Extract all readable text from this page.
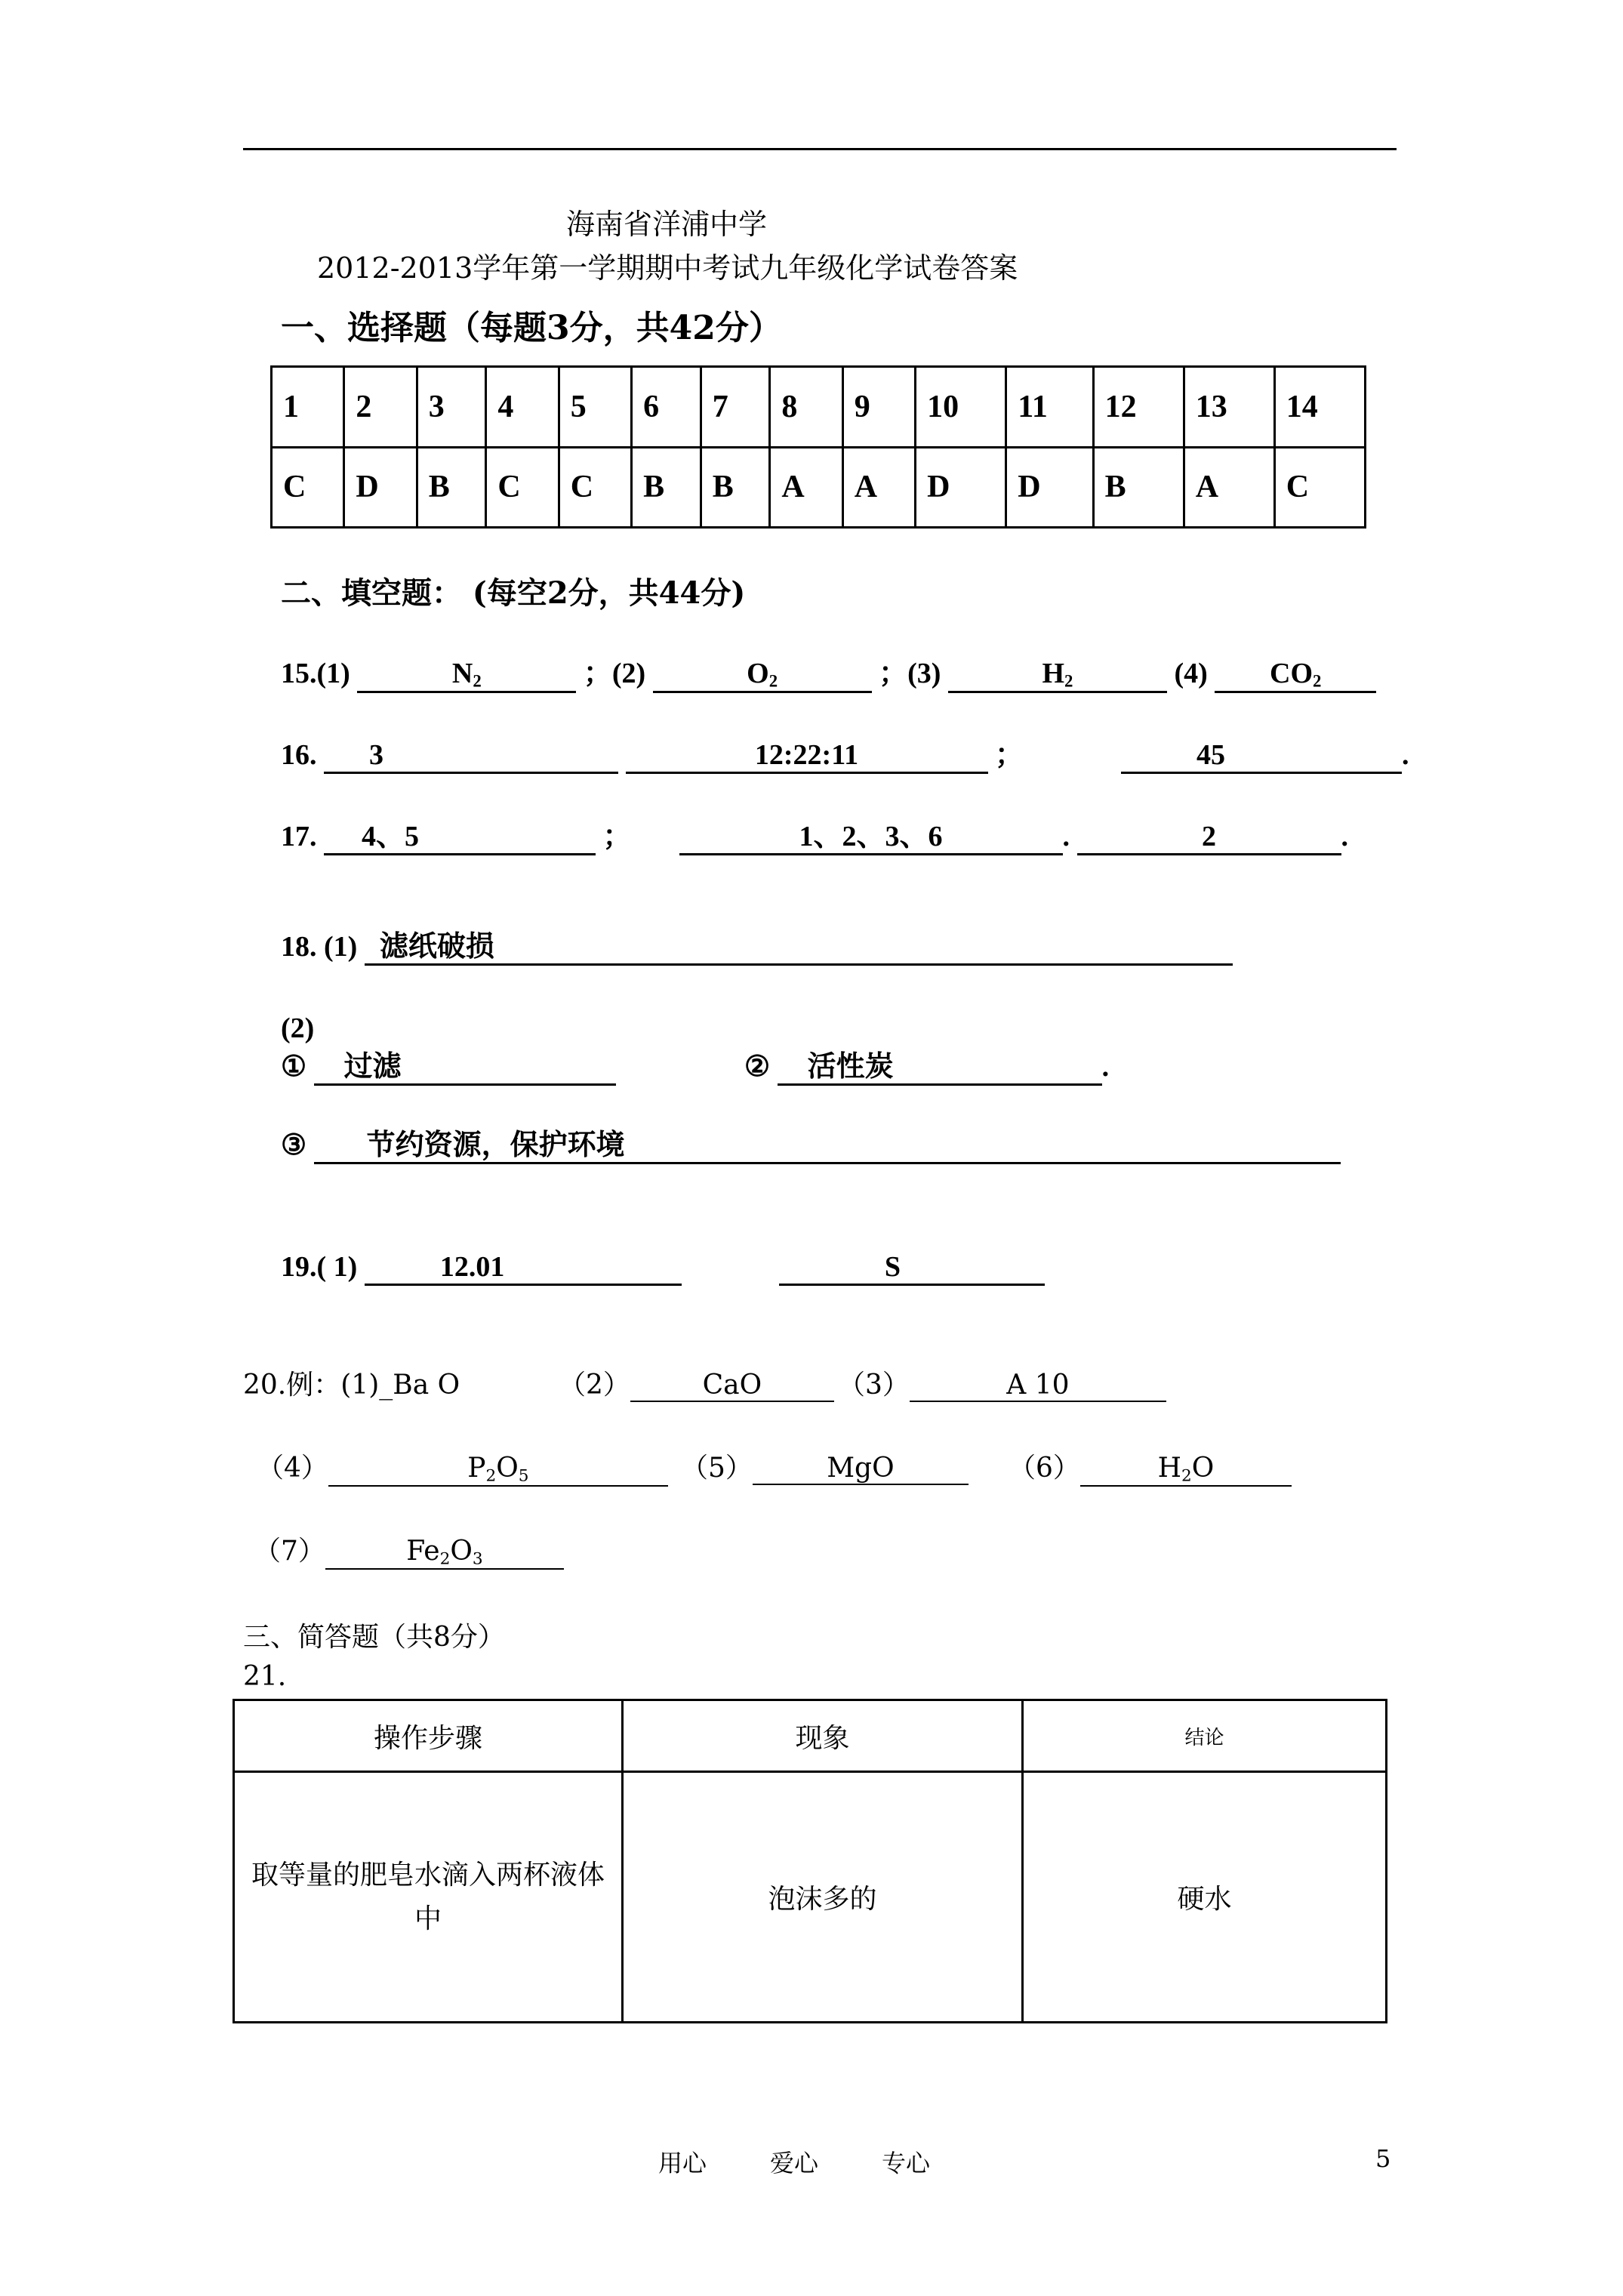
海南省洋浦中学
2012-2013学年第一学期期中考试九年级化学试卷答案
一、选择题（每题3分，共42分）
1	2	3	4	5	6	7	8	9	10	11	12	13	14
C	D	B	C	C	B	B	A	A	D	D	B	A	C
二、填空题： (每空2分，共44分)
15.(1)	$N_2$	；(2)	$O_2$	；(3)	$H_2$	(4) $CO_2$
16. 3	12:22:11	；	45	.
17. 4、5	；	1、2、3、6	.	2	.
18. (1) 滤纸破损
(2)
① 过滤	② 活性炭	.
③ 节约资源，保护环境
19.( 1)	12.01	S
20.例：(1)_Ba O	（2）	CaO	（3）	A 10
（4）	$P_2O_5$	（5）	MgO	（6）	$H_2O$
（7）	$Fe_2O_3$
三、简答题（共8分）
21.
操作步骤	现象	结论
取等量的肥皂水滴入两杯液体中	泡沫多的	硬水
用心	爱心	专心	5
